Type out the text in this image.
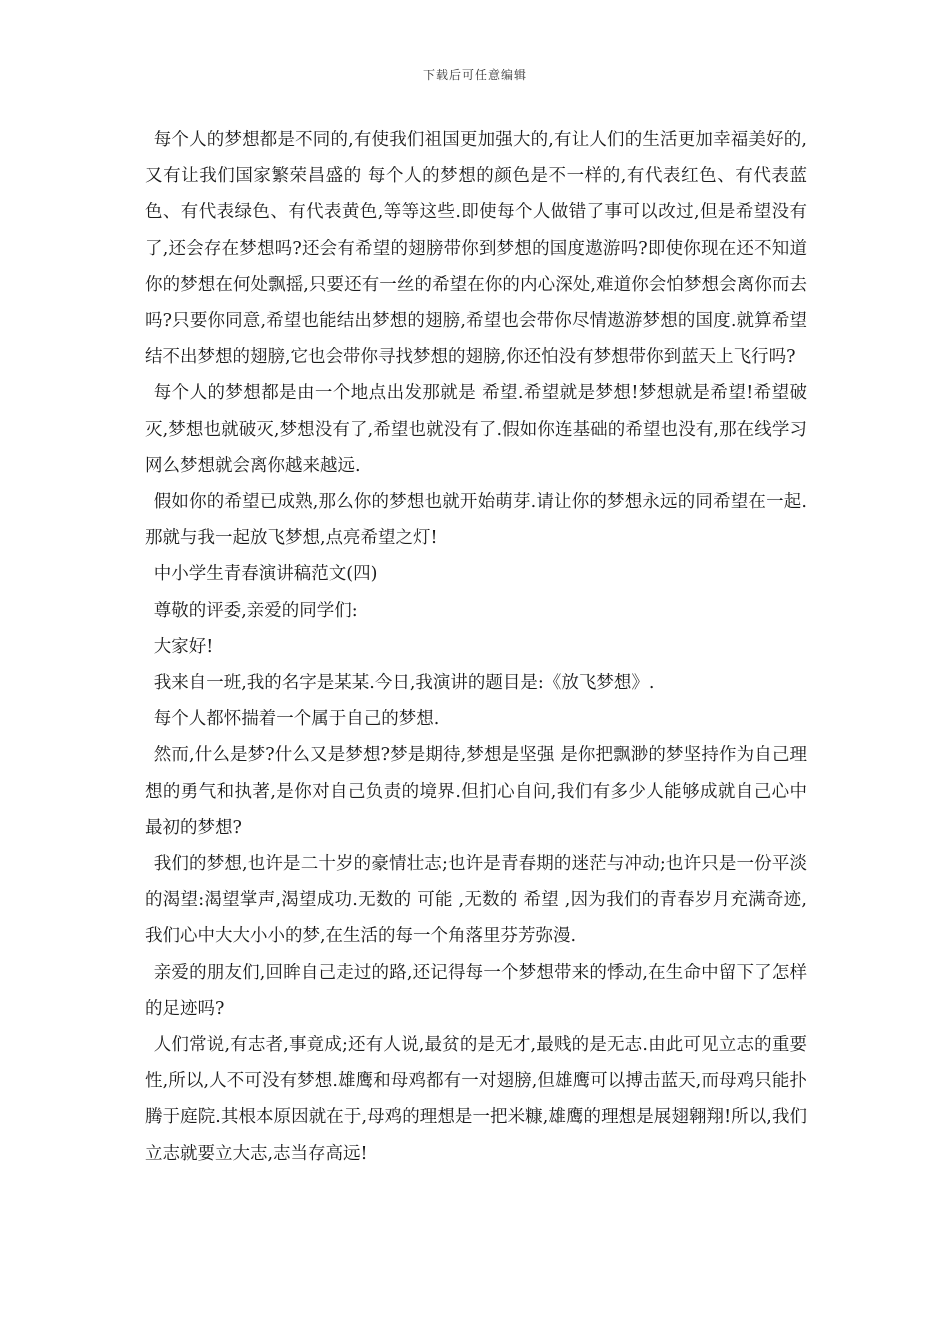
下载后可任意编辑

每个人的梦想都是不同的,有使我们祖国更加强大的,有让人们的生活更加幸福美好的,又有让我们国家繁荣昌盛的 每个人的梦想的颜色是不一样的,有代表红色、有代表蓝色、有代表绿色、有代表黄色,等等这些.即使每个人做错了事可以改过,但是希望没有了,还会存在梦想吗?还会有希望的翅膀带你到梦想的国度遨游吗?即使你现在还不知道你的梦想在何处飘摇,只要还有一丝的希望在你的内心深处,难道你会怕梦想会离你而去吗?只要你同意,希望也能结出梦想的翅膀,希望也会带你尽情遨游梦想的国度.就算希望结不出梦想的翅膀,它也会带你寻找梦想的翅膀,你还怕没有梦想带你到蓝天上飞行吗?

每个人的梦想都是由一个地点出发那就是 希望.希望就是梦想!梦想就是希望!希望破灭,梦想也就破灭,梦想没有了,希望也就没有了.假如你连基础的希望也没有,那在线学习网么梦想就会离你越来越远.

假如你的希望已成熟,那么你的梦想也就开始萌芽.请让你的梦想永远的同希望在一起.那就与我一起放飞梦想,点亮希望之灯!

中小学生青春演讲稿范文(四)

尊敬的评委,亲爱的同学们:

大家好!

我来自一班,我的名字是某某.今日,我演讲的题目是:《放飞梦想》.

每个人都怀揣着一个属于自己的梦想.

然而,什么是梦?什么又是梦想?梦是期待,梦想是坚强 是你把飘渺的梦坚持作为自己理想的勇气和执著,是你对自己负责的境界.但扪心自问,我们有多少人能够成就自己心中最初的梦想?

我们的梦想,也许是二十岁的豪情壮志;也许是青春期的迷茫与冲动;也许只是一份平淡的渴望:渴望掌声,渴望成功.无数的 可能 ,无数的 希望 ,因为我们的青春岁月充满奇迹,我们心中大大小小的梦,在生活的每一个角落里芬芳弥漫.

亲爱的朋友们,回眸自己走过的路,还记得每一个梦想带来的悸动,在生命中留下了怎样的足迹吗?

人们常说,有志者,事竟成;还有人说,最贫的是无才,最贱的是无志.由此可见立志的重要性,所以,人不可没有梦想.雄鹰和母鸡都有一对翅膀,但雄鹰可以搏击蓝天,而母鸡只能扑腾于庭院.其根本原因就在于,母鸡的理想是一把米糠,雄鹰的理想是展翅翱翔!所以,我们立志就要立大志,志当存高远!
